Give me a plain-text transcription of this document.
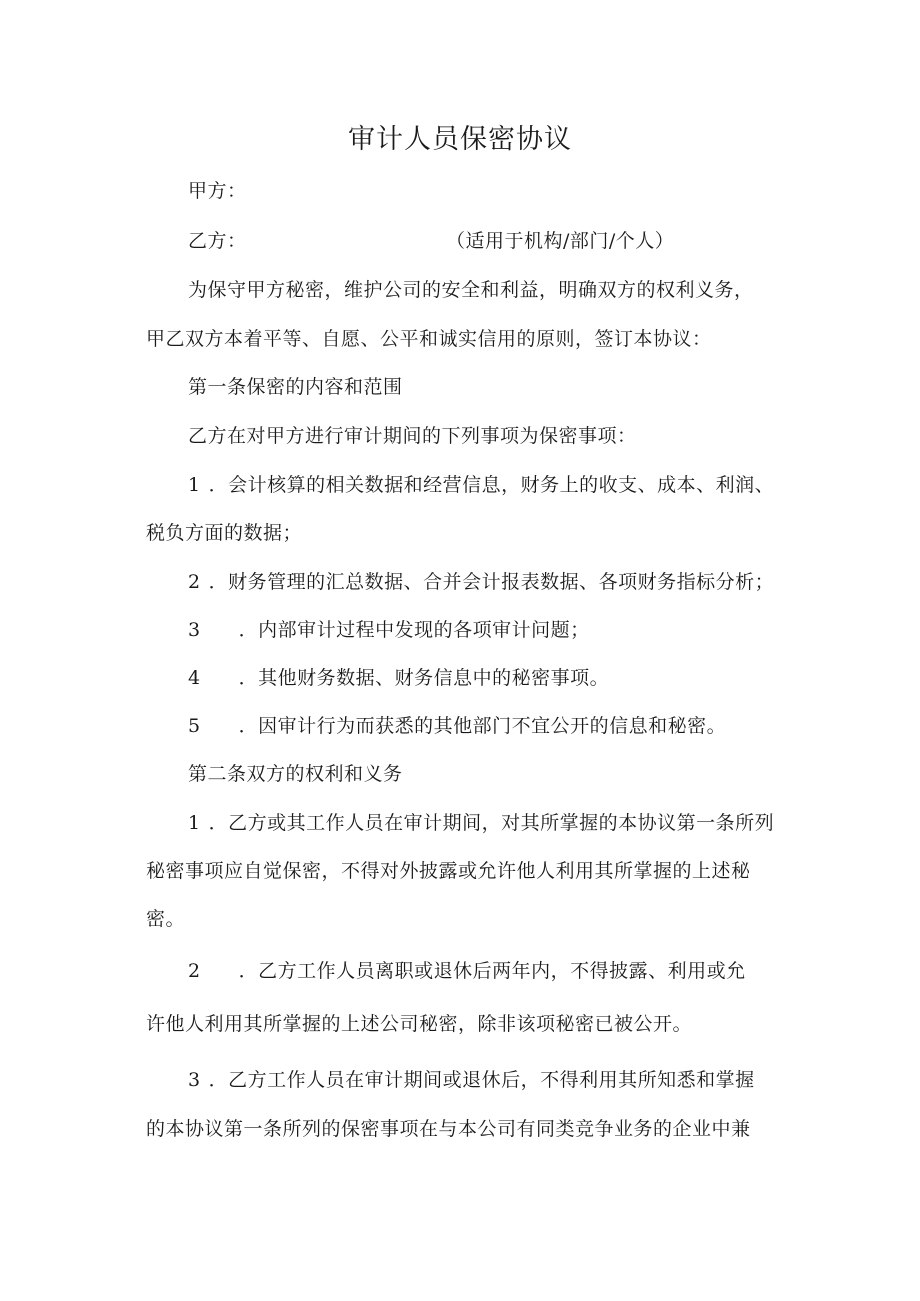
审计人员保密协议
甲方：
乙方：	（适用于机构/部门/个人）
为保守甲方秘密，维护公司的安全和利益，明确双方的权利义务，
甲乙双方本着平等、自愿、公平和诚实信用的原则，签订本协议：
第一条保密的内容和范围
乙方在对甲方进行审计期间的下列事项为保密事项：
1 ．会计核算的相关数据和经营信息，财务上的收支、成本、利润、
税负方面的数据；
2 ．财务管理的汇总数据、合并会计报表数据、各项财务指标分析；
3 ．内部审计过程中发现的各项审计问题；
4 ．其他财务数据、财务信息中的秘密事项。
5 ．因审计行为而获悉的其他部门不宜公开的信息和秘密。
第二条双方的权利和义务
1 ．乙方或其工作人员在审计期间，对其所掌握的本协议第一条所列
秘密事项应自觉保密，不得对外披露或允许他人利用其所掌握的上述秘
密。
2 ．乙方工作人员离职或退休后两年内，不得披露、利用或允
许他人利用其所掌握的上述公司秘密，除非该项秘密已被公开。
3 ．乙方工作人员在审计期间或退休后，不得利用其所知悉和掌握
的本协议第一条所列的保密事项在与本公司有同类竞争业务的企业中兼
